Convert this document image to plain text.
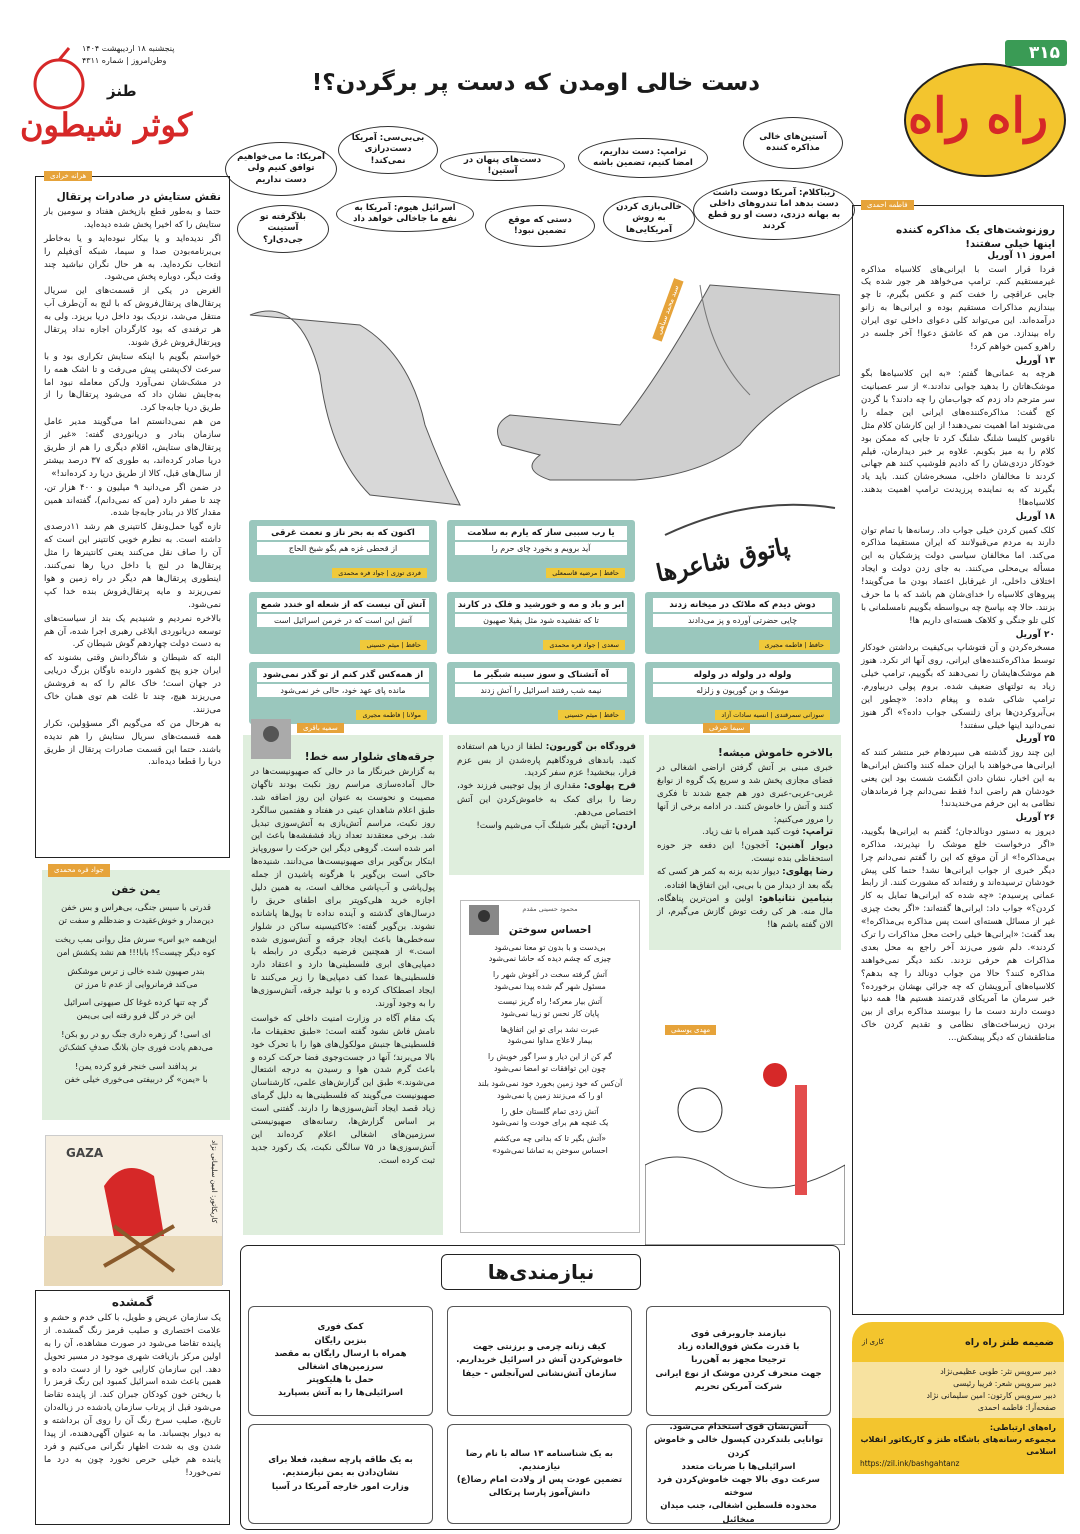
۳۱۵
راه راه
دست خالی اومدن که دست پر برگردن؟!
پنجشنبه ۱۸ اردیبهشت ۱۴۰۴
وطن‌امروز | شماره ۴۳۱۱
طنز
کوثر شیطون	آستین‌های خالی مذاکره کننده
ترامپ: دست نداریم، امضا کنیم، تضمین باشه
دست‌های پنهان در آستین!
بی‌بی‌سی: آمریکا دست‌درازی نمی‌کند!
آمریکا: ما می‌خواهیم توافق کنیم ولی دست نداریم
زیباکلام: آمریکا دوست داشت دست بدهد اما تندروهای داخلی به بهانه دزدی، دست او رو قطع کردند
خالی‌بازی کردن به روش آمریکایی‌ها
دستی که موقع تضمین نبود!
اسرائیل هیوم: آمریکا به نفع ما جاخالی خواهد داد
بلاگرفته تو آستینت جی‌دی‌ار؟
سید محمد سیاهی
هرانه خرادی
نقش ستایش در صادرات پرتقال

حتما و به‌طور قطع بازپخش هفتاد و سومین بار ستایش را که اخیرا پخش شده دیده‌اید.

اگر ندیده‌اید و یا بیکار نبوده‌اید و یا به‌خاطر بی‌برنامه‌بودن صدا و سیما، شبکه آی‌فیلم را انتخاب نکرده‌اید. به هر حال نگران نباشید چند وقت دیگر، دوباره پخش می‌شود.

الغرض در یکی از قسمت‌های این سریال پرتقال‌های پرتقال‌فروش که با لنج به آن‌طرف آب منتقل می‌شد، نزدیک بود داخل دریا بریزد. ولی به هر ترفندی که بود کارگردان اجازه نداد پرتقال وپرتقال‌فروش غرق شوند.

خواستم بگویم با اینکه ستایش تکراری بود و با سرعت لاک‌پشتی پیش می‌رفت و تا اشک همه را در مشک‌شان نمی‌آورد ول‌کن معامله نبود اما به‌جایش نشان داد که می‌شود پرتقال‌ها را از طریق دریا جابه‌جا کرد.

من هم نمی‌دانستم اما می‌گویند مدیر عامل سازمان بنادر و دریانوردی گفته: «غیر از پرتقال‌های ستایش، اقلام دیگری را هم از طریق دریا صادر کرده‌اند، به طوری که ۳۷ درصد بیشتر از سال‌های قبل، کالا از طریق دریا رد کرده‌اند!»

در ضمن اگر می‌دانید ۹ میلیون و ۴۰۰ هزار تن، چند تا صفر دارد (من که نمی‌دانم)، گفته‌اند همین مقدار کالا در بنادر جابه‌جا شده.

تازه گویا حمل‌ونقل کانتینری هم رشد ۱۱درصدی داشته است. به نظرم خوبی کانتینر این است که آن را صاف نقل می‌کنند یعنی کانتینرها را مثل پرتقال‌ها در لنج یا داخل دریا رها نمی‌کنند. اینطوری پرتقال‌ها هم دیگر در راه زمین و هوا نمی‌ریزند و مایه پرتقال‌فروش بنده خدا کپ نمی‌شود.

بالاخره نمردیم و شنیدیم یک بند از سیاست‌های توسعه دریانوردی ابلاغی رهبری اجرا شده، آن هم به دست دولت چهاردهم گوش شیطان کر.

البته که شیطان و شاگردانش وقتی بشنوند که ایران جزو پنج کشور دارنده ناوگان بزرگ دریایی در جهان است؛ خاک عالم را که به فروشش می‌ریزند هیچ، چند تا غلت هم توی همان خاک می‌زنند.

به هرحال من که می‌گویم اگر مسؤولین، تکرار همه قسمت‌های سریال ستایش را هم ندیده باشند، حتما این قسمت صادرات پرتقال از طریق دریا را قطعا دیده‌اند.

جواد فره محمدی
یمن خفن
قدرتی با سیس جنگی، بی‌هراس و بس خفن
دین‌مدار و خوش‌عقیدت و ضدظلم و سفت تن
این‌همه «یو اس» سرش مثل روانی بمب ریخت
کوه دیگر چیست؟! بابا!!! هم نشد یکشش امن
بندر صهیون شده خالی ز ترس موشکش
می‌کند فرمانروایی از عدم تا مرز تن
گر چه تنها کرده غوغا کل صیهونی اسرائیل
این خر در گل فرو رفته ابی بی‌یمن
ای اسی! گر زهره داری جنگ رو در رو بکن!
می‌دهم یادت فوری جان بلانگ صدفِ کشک‌تَن
بر پدافند اسی خنجر فرو کرده یمن!
با «یمن» گر دربیفتی می‌خوری خیلی خفن
GAZA	کاریکاتور: امین سلیمانی نژاد
گمشده
یک سازمان عریض و طویل، با کلی خدم و حشم و علامت اختصاری و صلیب قرمز رنگ گمشده. از پاینده تقاضا می‌شود در صورت مشاهده، آن را به اولین مرکز بازیافت شهری موجود در مسیر تحویل دهد. این سازمان کارایی خود را از دست داده و همین باعث شده اسرائیل کمبود این رنگ قرمز را با ریختن خون کودکان جبران کند. از پاینده تقاضا می‌شود قبل از پرتاب سازمان یادشده در زباله‌دان تاریخ، صلیب سرخ رنگ آن را روی آن برداشته و به دیوار بچسباند. ما به عنوان آگهی‌دهنده، از پیدا شدن وی به شدت اظهار نگرانی می‌کنیم و فرد یابنده هم خیلی حرص نخورد چون به درد ما نمی‌خورد!
پاتوق شاعرها
یا رب سببی ساز که یارم به سلامت
آید برویم و بخورد چای حرم را
حافظ | مرضیه قاسمعلی
اکنون که به بحر ناز و نعمت غرقی
از قحطی غزه هم بگو شیخ الحاج
فردی توزی | جواد فره محمدی
دوش دیدم که ملائک در میخانه زدند
چایی حضرتی آورده و پز می‌دادند
حافظ | فاطمه مجیری
ابر و باد و مه و خورشید و فلک در کارند
تا که تفشیده شود مثل پفیلا صهیون
سعدی | جواد فره محمدی
آتش آن نیست که از شعله او خندد شمع
آتش این است که در خرمن اسرائیل است
حافظ | میثم حسینی
ولوله در ولوله در ولوله
موشک و بن گوریون و زلزله
سوزانی سمرقندی | انسیه سادات آزاد
آه آتشناک و سوز سینه شبگیر ما
نیمه شب رفتند اسرائیل را آتش زدند
حافظ | میثم حسینی
از همه‌کس گذر کنم از تو گذر نمی‌شود
مانده پای عهد خود، حالی خر نمی‌شود
مولانا | فاطمه مجیری
سمیه باقری
جرقه‌های شلوار سه خط!
به گزارش خبرنگار ما در حالی که صهیونیست‌ها در حال آماده‌سازی مراسم روز نکبت بودند ناگهان مصیبت و نحوست به عنوان این روز اضافه شد. طبق اعلام شاهدان عینی در هفتاد و هفتمین سالگرد روز نکبت، مراسم آتش‌بازی به آتش‌سوزی تبدیل شد. برخی معتقدند تعداد زیاد فشفشه‌ها باعث این امر شده است. گروهی دیگر این حرکت را سوروپایز ابتکار بن‌گویر برای صهیونیست‌ها می‌دانند. شنیده‌ها حاکی است بن‌گویر با هرگونه پاشیدن از جمله پول‌پاشی و آب‌پاشی مخالف است، به همین دلیل اجازه خرید هلی‌کوپتر برای اطفای حریق را درسال‌های گذشته و آینده نداده تا پول‌ها پاشانده نشوند. بن‌گویر گفته: «کاکتیسینه ساکن در شلوار سه‌خطی‌ها باعث ایجاد جرقه و آتش‌سوزی شده است.» از همچنین فرضیه دیگری در رابطه با دمپایی‌های ابری فلسطینی‌ها دارد و اعتقاد دارد فلسطینی‌ها عمدا کف دمپایی‌ها را زیر می‌کنند تا ایجاد اصطکاک کرده و با تولید جرقه، آتش‌سوزی‌ها را به وجود آورند.
یک مقام آگاه در وزارت امنیت داخلی که خواست نامش فاش نشود گفته است: «طبق تحقیقات ما، فلسطینی‌ها جنبش مولکول‌های هوا را با تحرک خود بالا می‌برند؛ آنها در جست‌وجوی فضا حرکت کرده و باعث گرم شدن هوا و رسیدن به درجه اشتعال می‌شوند.» طبق این گزارش‌های علمی، کارشناسان صهیونیست می‌گویند که فلسطینی‌ها به دلیل گرمای زیاد قصد ایجاد آتش‌سوزی‌ها را دارند. گفتنی است بر اساس گزارش‌ها، رسانه‌های صهیونیستی سرزمین‌های اشغالی اعلام کرده‌اند این آتش‌سوزی‌ها در ۷۵ سالگی نکبت، یک رکورد جدید ثبت کرده است.
فرودگاه بن گوریون: لطفا از دریا هم استفاده کنید. باندهای فرودگاهیم پاره‌شدن از بس عزم فرار، ببخشید! عزم سفر کردید.
فرح پهلوی: مقداری از پول توجیبی فرزند خود، رضا را برای کمک به خاموش‌کردن این آتش اختصاص می‌دهم.
اردن: آتیش بگیر شیلنگ آب می‌شیم واست!
سیما شرفی
بالاخره خاموش میشه!
خبری مبنی بر آتش گرفتن اراضی اشغالی در فضای مجازی پخش شد و سریع یک گروه از نوابغ غربی-عربی-عبری دور هم جمع شدند تا فکری کنند و آتش را خاموش کنند. در ادامه برخی از آنها را مرور می‌کنیم:
ترامپ: فوت کنید همراه با تف زیاد.
دیوار آهنین: آخجون! این دفعه جز حوزه استحفاظی بنده نیست.
رضا پهلوی: دیوار ندبه بزنه به کمر هر کسی که بگه بعد از دیدار من با بی‌بی، این اتفاق‌ها افتاده.
بنیامین نتانیاهو: اولین و امن‌ترین پناهگاه، مال منه. هر کی رفت توش گازش می‌گیرم، از الان گفته باشم ها!
محمود حسینی مقدم
احساس سوختن
بی‌دست و با بدون تو معنا نمی‌شود
چیزی که چشم دیده که حاشا نمی‌شود
آتش گرفته سخت در آغوش شهر را
مسئول شهر گم شده پیدا نمی‌شود
آتش بیار معرکه! راه گریز نیست
پایان کار نحس تو زیبا نمی‌شود
عبرت نشد برای تو این اتفاق‌ها
بیمار لاعلاج مداوا نمی‌شود
گم کن از این دیار و سرا گور خویش را
چون این توافقات تو امضا نمی‌شود
آن‌کس که خود زمین بخورد خود نمی‌شود بلند
او را که می‌زنند زمین پا نمی‌شود
آتش زدی تمام گلستان خلق را
یک غنچه هم برای خودت وا نمی‌شود
«آتش بگیر تا که بدانی چه می‌کشم
احساس سوختن به تماشا نمی‌شود»
مهدی یوسفی
فاطمه احمدی
روزنوشت‌های یک مذاکره کننده
اینها خیلی سفتند!
امروز ۱۱ آوریل

فردا قرار است با ایرانی‌های کلاسیاه مذاکره غیرمستقیم کنم. ترامپ می‌خواهد هر جور شده یک جایی عراقچی را خفت کنم و عکس بگیرم، تا چو بیندازیم مذاکرات مستقیم بوده و ایرانی‌ها به زانو درآمده‌اند. این می‌تواند کلی دعوای داخلی توی ایران راه بیندازد. من هم که عاشق دعوا! آخر جلسه در راهرو کمین خواهم کرد!

۱۳ آوریل

هرچه به عمانی‌ها گفتم: «به این کلاسیاه‌ها بگو موشک‌هاتان را بدهید جوابی ندادند.» از سر عصبانیت سر مترجم داد زدم که جواب‌مان را چه دادند؟ با گردن کج گفت: مذاکره‌کننده‌های ایرانی این جمله را می‌شنوند اما اهمیت نمی‌دهند! از این کارشان کلام مثل ناقوس کلیسا شلنگ شلنگ کرد تا جایی که ممکن بود کلام را به میز بکوبم. علاوه بر خبر دیدارمان، فیلم خودکار دزدی‌شان را که دادیم فلوشیپ کنند هم جهانی کردند تا مخالفان داخلی، مسخره‌شان کنند. باید یاد بگیرند که به نماینده پرزیدنت ترامپ اهمیت بدهند. کلاسیاه‌ها!

۱۸ آوریل

کلک کمین کردن خیلی جواب داد. رسانه‌ها با تمام توان دارند به مردم می‌قبولانند که ایران مستقیما مذاکره می‌کند. اما مخالفان سیاسی دولت پزشکیان به این مسأله بی‌محلی می‌کنند. به جای زدن دولت و ایجاد اختلاف داخلی، از غیرقابل اعتماد بودن ما می‌گویند! پیروهای کلاسیاه را خدای‌شان هم باشد که با ما حرف بزنند. حالا چه بپاسخ چه بی‌واسطه بگوییم نامسلمانی با کلی تلو جنگی و کلاهک هسته‌ای داریم ها!

۲۰ آوریل

مسخره‌کردن و آن فتوشاپ بی‌کیفیت برداشتن خودکار توسط مذاکره‌کننده‌های ایرانی، روی آنها اثر نکرد. هنوز هم موشک‌هایشان را نمی‌دهند که بگوییم، ترامپ خیلی زیاد به تولتهای ضعیف شده. بروم پولی دربیاورم. ترامپ شاکی شده و پیغام داده: «چطور این بی‌آبروکردن‌ها برای زلنسکی جواب داده؟» اگر هنوز نمی‌دانید اینها خیلی سفتند!

۲۵ آوریل

این چند روز گذشته هی سپردهام خبر منتشر کنند که ایرانی‌ها می‌خواهند با ایران حمله کنند واکنش ایرانی‌ها به این اخبار، نشان دادن انگشت شست بود این یعنی خودشان هم راضی اند! فقط نمی‌دانم چرا فرماندهان نظامی به این حرفم می‌خندیدند!

۲۶ آوریل

دیروز به دستور دونالدجان؛ گفتم به ایرانی‌ها بگویید، «اگر درخواست خلع موشک را نپذیرند، مذاکره بی‌مذاکره!» از آن موقع که این را گفتم نمی‌دانم چرا دیگر خبری از جواب ایرانی‌ها نشد! حتما کلی پیش خودشان ترسیده‌اند و رفته‌اند که مشورت کنند. از رابط عمانی پرسیدم: «چه شده که ایرانی‌ها تمایل به کار کردن؟» جواب داد: ایرانی‌ها گفته‌اند: «اگر بحث چیزی غیر از مسائل هسته‌ای است پس مذاکره بی‌مذاکره!» بعد گفت: «ایرانی‌ها خیلی راحت محل مذاکرات را ترک کردند». دلم شور می‌زند آخر راجع به محل بعدی مذاکرات هم حرفی نزدند. نکند دیگر نمی‌خواهند مذاکره کنند؟ حالا من جواب دونالد را چه بدهم؟ کلاسیاه‌های آبرویشان که چه جرائی بهشان برخورده؟ خبر سرمان ما آمریکای قدرتمند هستیم ها! همه دنیا دوست دارند دست ما را ببوسند مذاکره برای از بین بردن زیرساخت‌های نظامی و تقدیم کردن خاک مناطقشان که دیگر پیشکش...

نیازمندی‌ها
نیازمند جاروبرقی قوی
با قدرت مکش فوق‌العاده زیاد
ترجیحا مجهز به آهن‌ربا
جهت منحرف کردن موشک از نوع ایرانی
شرکت آمریکن تحریم
کیف زنانه چرمی و برزنتی جهت
خاموش‌کردن آتش در اسرائیل خریداریم.
سازمان آتش‌نشانی لس‌آنجلس - حیفا
کمک فوری
بنزین رایگان
همراه با ارسال رایگان به مقصد
سرزمین‌های اشغالی
حمل با هلیکوپتر
اسرائیلی‌ها را به آتش بسپارید
آتش‌نشان قوی استخدام می‌شود.
توانایی بلندکردن کپسول خالی و خاموش کردن
اسرائیلی‌ها با ضربات متعدد
سرعت دوی بالا جهت خاموش‌کردن فرد سوخته
محدوده فلسطین اشغالی، جنب میدان میخائیل
به یک شناسنامه ۱۳ ساله با نام رضا نیازمندیم.
تضمین عودت پس از ولادت امام رضا(ع)
دانش‌آموز پارسا پرتکالی
به یک طاقه پارچه سفید، فعلا برای
نشان‌دادن به یمن نیازمندیم.
وزارت امور خارجه آمریکا در آسیا
ضمیمه طنز راه راه
کاری از
دبیر سرویس نثر: طوبی عظیمی‌نژاد
دبیر سرویس شعر: فریبا رئیسی
دبیر سرویس کارتون: امین سلیمانی نژاد
صفحه‌آرا: فاطمه احمدی
راه‌های ارتباطی:
مجموعه رسانه‌های باشگاه طنز و کاریکاتور انقلاب اسلامی
https://zil.ink/bashgahtanz
